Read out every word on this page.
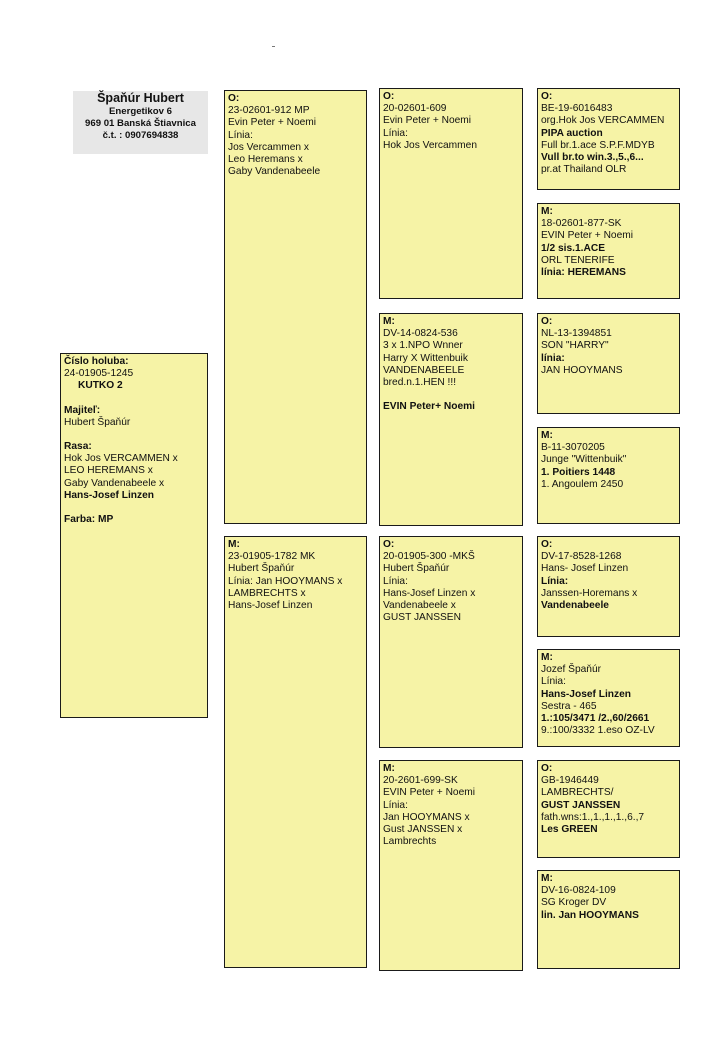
Špaňúr Hubert
Energetikov 6
969 01 Banská Štiavnica
č.t. : 0907694838
Číslo holuba:
24-01905-1245
KUTKO 2
Majiteľ:
Hubert Špaňúr
Rasa:
Hok Jos VERCAMMEN x
LEO HEREMANS x
Gaby Vandenabeele x
Hans-Josef Linzen
Farba: MP
O:
23-02601-912 MP
Evin Peter + Noemi
Línia:
Jos Vercammen x
Leo Heremans x
Gaby Vandenabeele
M:
23-01905-1782 MK
Hubert Špaňúr
Línia: Jan HOOYMANS x
LAMBRECHTS x
Hans-Josef Linzen
O:
20-02601-609
Evin Peter + Noemi
Línia:
Hok Jos Vercammen
M:
DV-14-0824-536
3 x 1.NPO Wnner
Harry X Wittenbuik
VANDENABEELE
bred.n.1.HEN !!!
EVIN Peter+ Noemi
O:
20-01905-300 -MKŠ
Hubert Špaňúr
Línia:
Hans-Josef Linzen x
Vandenabeele x
GUST JANSSEN
M:
20-2601-699-SK
EVIN Peter + Noemi
Línia:
Jan HOOYMANS x
Gust JANSSEN x
Lambrechts
O:
BE-19-6016483
org.Hok Jos VERCAMMEN
PIPA auction
Full br.1.ace S.P.F.MDYB
Vull br.to win.3.,5.,6...
pr.at Thailand OLR
M:
18-02601-877-SK
EVIN Peter + Noemi
1/2 sis.1.ACE
ORL TENERIFE
línia: HEREMANS
O:
NL-13-1394851
SON "HARRY"
línia:
JAN HOOYMANS
M:
B-11-3070205
Junge "Wittenbuik"
1. Poitiers 1448
1. Angoulem 2450
O:
DV-17-8528-1268
Hans- Josef Linzen
Línia:
Janssen-Horemans x
Vandenabeele
M:
Jozef Špaňúr
Línia:
Hans-Josef Linzen
Sestra - 465
1.:105/3471 /2.,60/2661
9.:100/3332 1.eso OZ-LV
O:
GB-1946449
LAMBRECHTS/
GUST JANSSEN
fath.wns:1.,1.,1.,1.,6.,7
Les GREEN
M:
DV-16-0824-109
SG Kroger DV
lin. Jan HOOYMANS
